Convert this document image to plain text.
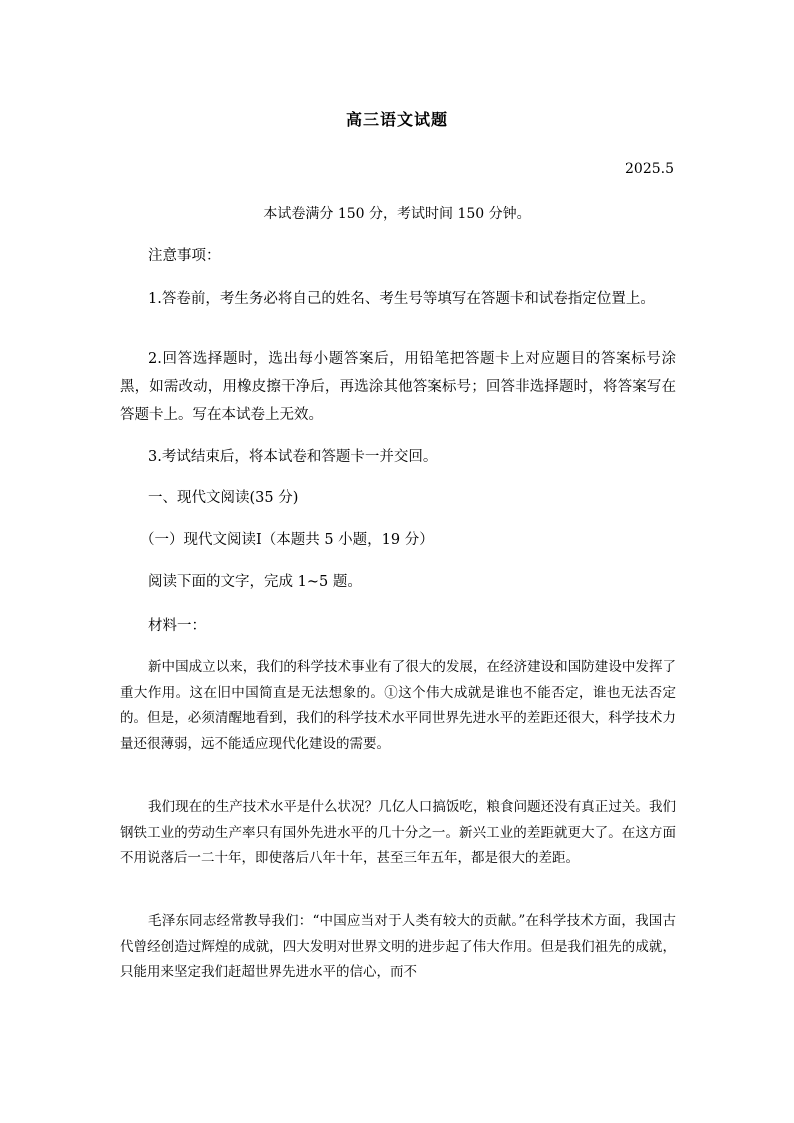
高三语文试题
2025.5
本试卷满分 150 分，考试时间 150 分钟。

注意事项：

1.答卷前，考生务必将自己的姓名、考生号等填写在答题卡和试卷指定位置上。

2.回答选择题时，选出每小题答案后，用铅笔把答题卡上对应题目的答案标号涂黑，如需改动，用橡皮擦干净后，再选涂其他答案标号；回答非选择题时，将答案写在答题卡上。写在本试卷上无效。

3.考试结束后，将本试卷和答题卡一并交回。

一、现代文阅读(35 分)

（一）现代文阅读Ⅰ（本题共 5 小题，19 分）

阅读下面的文字，完成 1~5 题。

材料一：

新中国成立以来，我们的科学技术事业有了很大的发展，在经济建设和国防建设中发挥了重大作用。这在旧中国简直是无法想象的。①这个伟大成就是谁也不能否定，谁也无法否定的。但是，必须清醒地看到，我们的科学技术水平同世界先进水平的差距还很大，科学技术力量还很薄弱，远不能适应现代化建设的需要。

我们现在的生产技术水平是什么状况？几亿人口搞饭吃，粮食问题还没有真正过关。我们钢铁工业的劳动生产率只有国外先进水平的几十分之一。新兴工业的差距就更大了。在这方面不用说落后一二十年，即使落后八年十年，甚至三年五年，都是很大的差距。

毛泽东同志经常教导我们：“中国应当对于人类有较大的贡献。”在科学技术方面，我国古代曾经创造过辉煌的成就，四大发明对世界文明的进步起了伟大作用。但是我们祖先的成就，只能用来坚定我们赶超世界先进水平的信心，而不
